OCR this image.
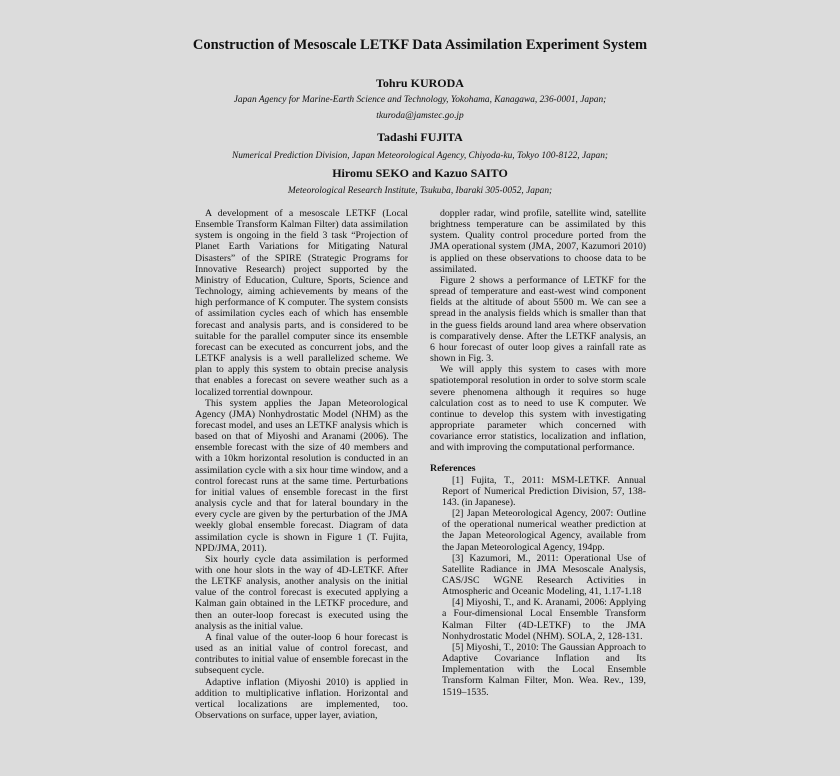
Construction of Mesoscale LETKF Data Assimilation Experiment System
Tohru KURODA
Japan Agency for Marine-Earth Science and Technology, Yokohama, Kanagawa, 236-0001, Japan;
tkuroda@jamstec.go.jp
Tadashi FUJITA
Numerical Prediction Division, Japan Meteorological Agency, Chiyoda-ku, Tokyo 100-8122, Japan;
Hiromu SEKO and Kazuo SAITO
Meteorological Research Institute, Tsukuba, Ibaraki 305-0052, Japan;

A development of a mesoscale LETKF (Local Ensemble Transform Kalman Filter) data assimilation system is ongoing in the field 3 task “Projection of Planet Earth Variations for Mitigating Natural Disasters” of the SPIRE (Strategic Programs for Innovative Research) project supported by the Ministry of Education, Culture, Sports, Science and Technology, aiming achievements by means of the high performance of K computer. The system consists of assimilation cycles each of which has ensemble forecast and analysis parts, and is considered to be suitable for the parallel computer since its ensemble forecast can be executed as concurrent jobs, and the LETKF analysis is a well parallelized scheme. We plan to apply this system to obtain precise analysis that enables a forecast on severe weather such as a localized torrential downpour.

This system applies the Japan Meteorological Agency (JMA) Nonhydrostatic Model (NHM) as the forecast model, and uses an LETKF analysis which is based on that of Miyoshi and Aranami (2006). The ensemble forecast with the size of 40 members and with a 10km horizontal resolution is conducted in an assimilation cycle with a six hour time window, and a control forecast runs at the same time. Perturbations for initial values of ensemble forecast in the first analysis cycle and that for lateral boundary in the every cycle are given by the perturbation of the JMA weekly global ensemble forecast. Diagram of data assimilation cycle is shown in Figure 1 (T. Fujita, NPD/JMA, 2011).

Six hourly cycle data assimilation is performed with one hour slots in the way of 4D-LETKF. After the LETKF analysis, another analysis on the initial value of the control forecast is executed applying a Kalman gain obtained in the LETKF procedure, and then an outer-loop forecast is executed using the analysis as the initial value.

A final value of the outer-loop 6 hour forecast is used as an initial value of control forecast, and contributes to initial value of ensemble forecast in the subsequent cycle.

Adaptive inflation (Miyoshi 2010) is applied in addition to multiplicative inflation. Horizontal and vertical localizations are implemented, too. Observations on surface, upper layer, aviation,

doppler radar, wind profile, satellite wind, satellite brightness temperature can be assimilated by this system. Quality control procedure ported from the JMA operational system (JMA, 2007, Kazumori 2010) is applied on these observations to choose data to be assimilated.

Figure 2 shows a performance of LETKF for the spread of temperature and east-west wind component fields at the altitude of about 5500 m. We can see a spread in the analysis fields which is smaller than that in the guess fields around land area where observation is comparatively dense. After the LETKF analysis, an 6 hour forecast of outer loop gives a rainfall rate as shown in Fig. 3.

We will apply this system to cases with more spatiotemporal resolution in order to solve storm scale severe phenomena although it requires so huge calculation cost as to need to use K computer. We continue to develop this system with investigating appropriate parameter which concerned with covariance error statistics, localization and inflation, and with improving the computational performance.

References

[1] Fujita, T., 2011: MSM-LETKF. Annual Report of Numerical Prediction Division, 57, 138-143. (in Japanese).

[2] Japan Meteorological Agency, 2007: Outline of the operational numerical weather prediction at the Japan Meteorological Agency, available from the Japan Meteorological Agency, 194pp.

[3] Kazumori, M., 2011: Operational Use of Satellite Radiance in JMA Mesoscale Analysis, CAS/JSC WGNE Research Activities in Atmospheric and Oceanic Modeling, 41, 1.17-1.18

[4] Miyoshi, T., and K. Aranami, 2006: Applying a Four-dimensional Local Ensemble Transform Kalman Filter (4D-LETKF) to the JMA Nonhydrostatic Model (NHM). SOLA, 2, 128-131.

[5] Miyoshi, T., 2010: The Gaussian Approach to Adaptive Covariance Inflation and Its Implementation with the Local Ensemble Transform Kalman Filter, Mon. Wea. Rev., 139, 1519–1535.
